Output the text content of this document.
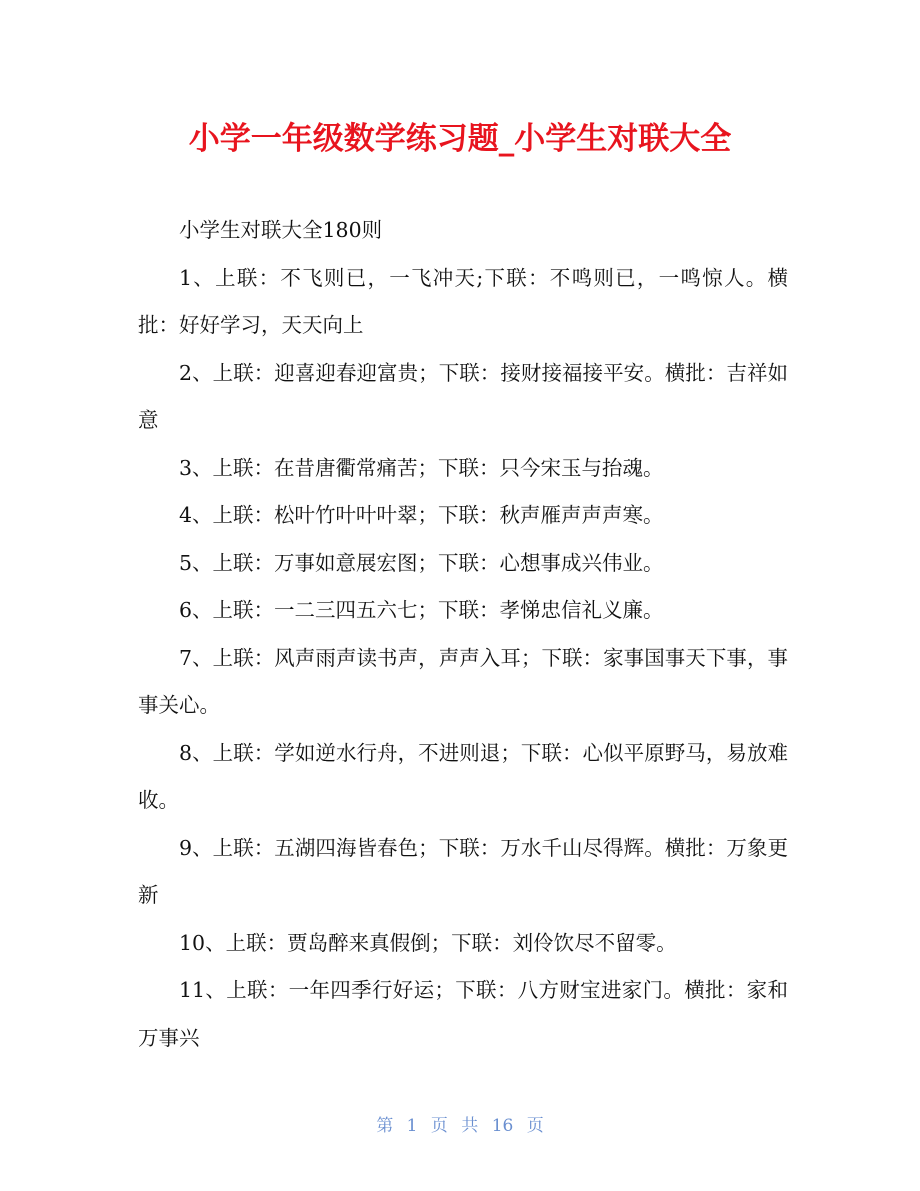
小学一年级数学练习题_小学生对联大全

小学生对联大全180则

1、上联：不飞则已，一飞冲天;下联：不鸣则已，一鸣惊人。横批：好好学习，天天向上

2、上联：迎喜迎春迎富贵；下联：接财接福接平安。横批：吉祥如意

3、上联：在昔唐衢常痛苦；下联：只今宋玉与抬魂。

4、上联：松叶竹叶叶叶翠；下联：秋声雁声声声寒。

5、上联：万事如意展宏图；下联：心想事成兴伟业。

6、上联：一二三四五六七；下联：孝悌忠信礼义廉。

7、上联：风声雨声读书声，声声入耳；下联：家事国事天下事，事事关心。

8、上联：学如逆水行舟，不进则退；下联：心似平原野马，易放难收。

9、上联：五湖四海皆春色；下联：万水千山尽得辉。横批：万象更新

10、上联：贾岛醉来真假倒；下联：刘伶饮尽不留零。

11、上联：一年四季行好运；下联：八方财宝进家门。横批：家和万事兴

第 1 页 共 16 页
